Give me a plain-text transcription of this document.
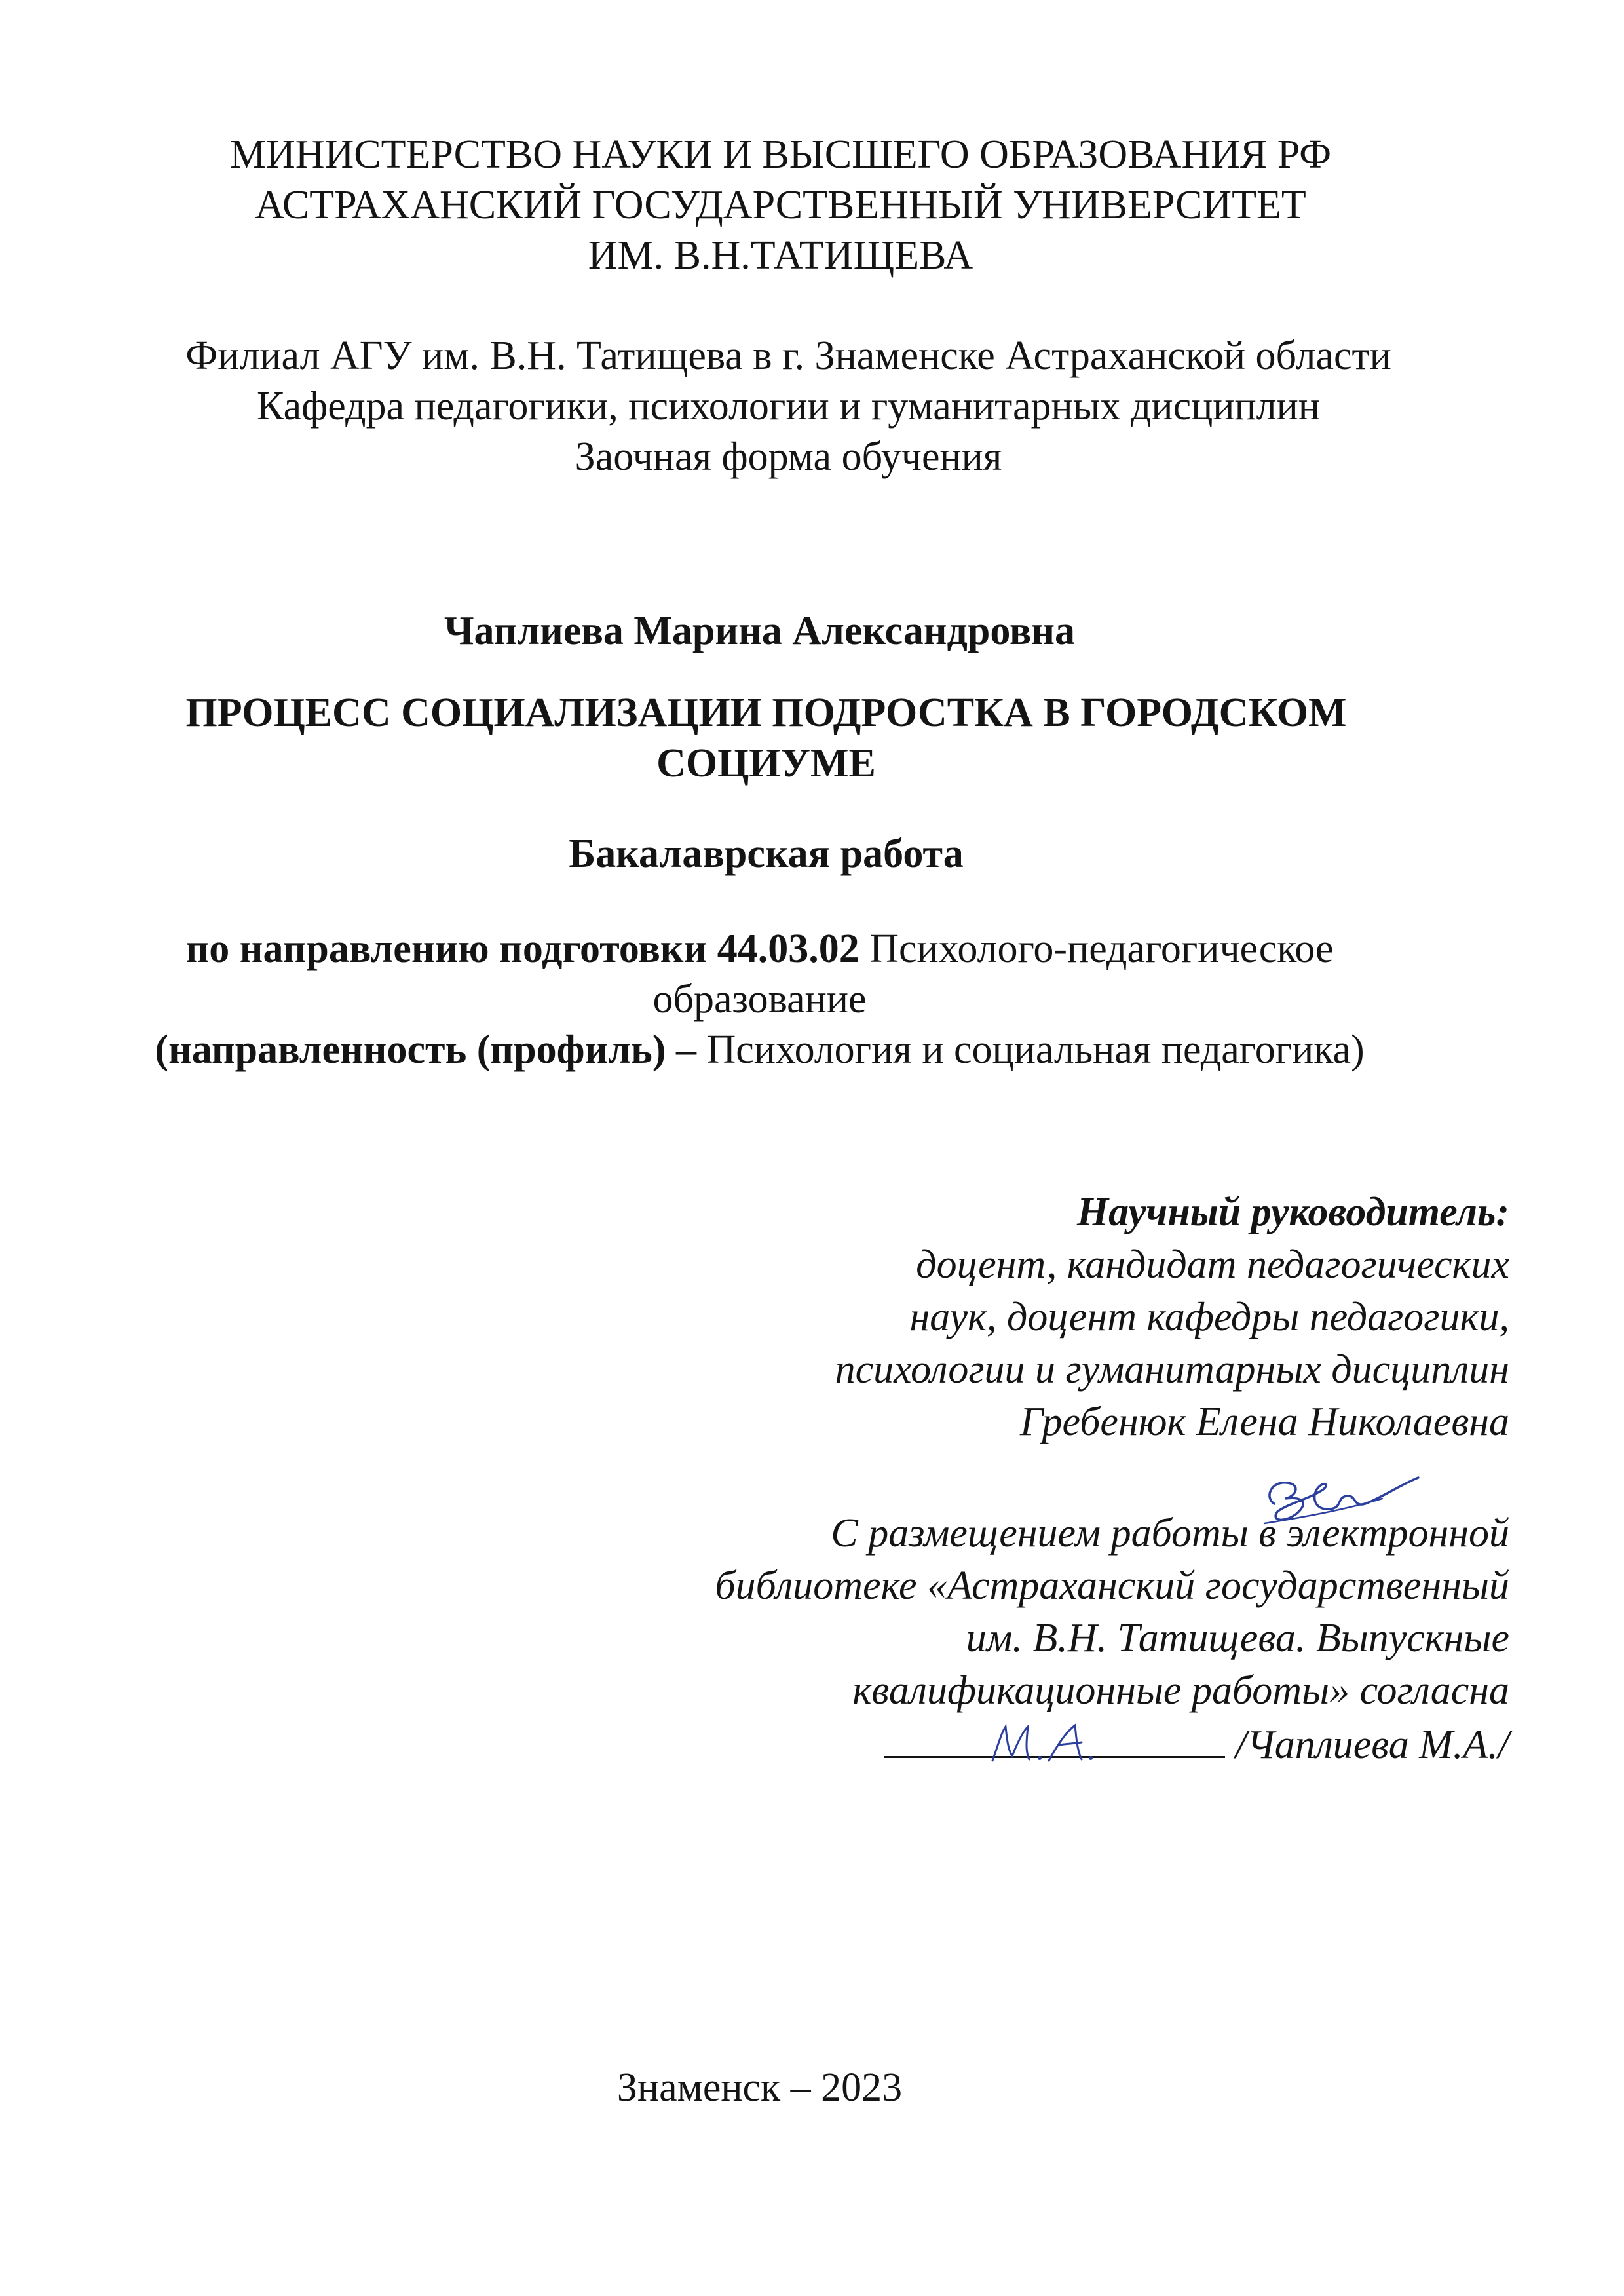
МИНИСТЕРСТВО НАУКИ И ВЫСШЕГО ОБРАЗОВАНИЯ РФ
АСТРАХАНСКИЙ ГОСУДАРСТВЕННЫЙ УНИВЕРСИТЕТ
ИМ. В.Н.ТАТИЩЕВА
Филиал АГУ им. В.Н. Татищева в г. Знаменске Астраханской области
Кафедра педагогики, психологии и гуманитарных дисциплин
Заочная форма обучения
Чаплиева Марина Александровна
ПРОЦЕСС СОЦИАЛИЗАЦИИ ПОДРОСТКА В ГОРОДСКОМ
СОЦИУМЕ
Бакалаврская работа
по направлению подготовки 44.03.02 Психолого-педагогическое
образование
(направленность (профиль) – Психология и социальная педагогика)
Научный руководитель:
доцент, кандидат педагогических
наук, доцент кафедры педагогики,
психологии и гуманитарных дисциплин
Гребенюк Елена Николаевна
С размещением работы в электронной
библиотеке «Астраханский государственный
им. В.Н. Татищева. Выпускные
квалификационные работы» согласна
/Чаплиева М.А./
Знаменск – 2023
